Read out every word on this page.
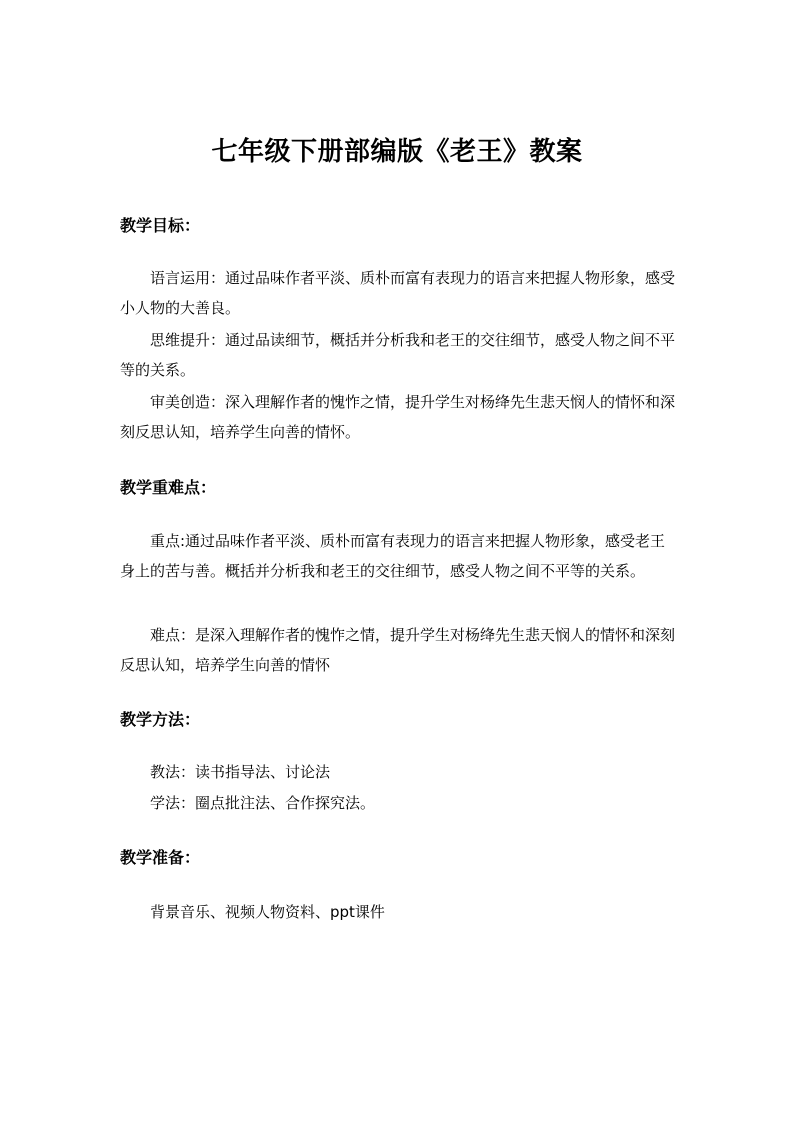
七年级下册部编版《老王》教案
教学目标：

语言运用：通过品味作者平淡、质朴而富有表现力的语言来把握人物形象，感受小人物的大善良。

思维提升：通过品读细节，概括并分析我和老王的交往细节，感受人物之间不平等的关系。

审美创造：深入理解作者的愧怍之情，提升学生对杨绛先生悲天悯人的情怀和深刻反思认知，培养学生向善的情怀。

教学重难点：

重点:通过品味作者平淡、质朴而富有表现力的语言来把握人物形象，感受老王身上的苦与善。概括并分析我和老王的交往细节，感受人物之间不平等的关系。

难点：是深入理解作者的愧怍之情，提升学生对杨绛先生悲天悯人的情怀和深刻反思认知，培养学生向善的情怀

教学方法：
教法：读书指导法、讨论法
学法：圈点批注法、合作探究法。
教学准备：
背景音乐、视频人物资料、ppt课件
